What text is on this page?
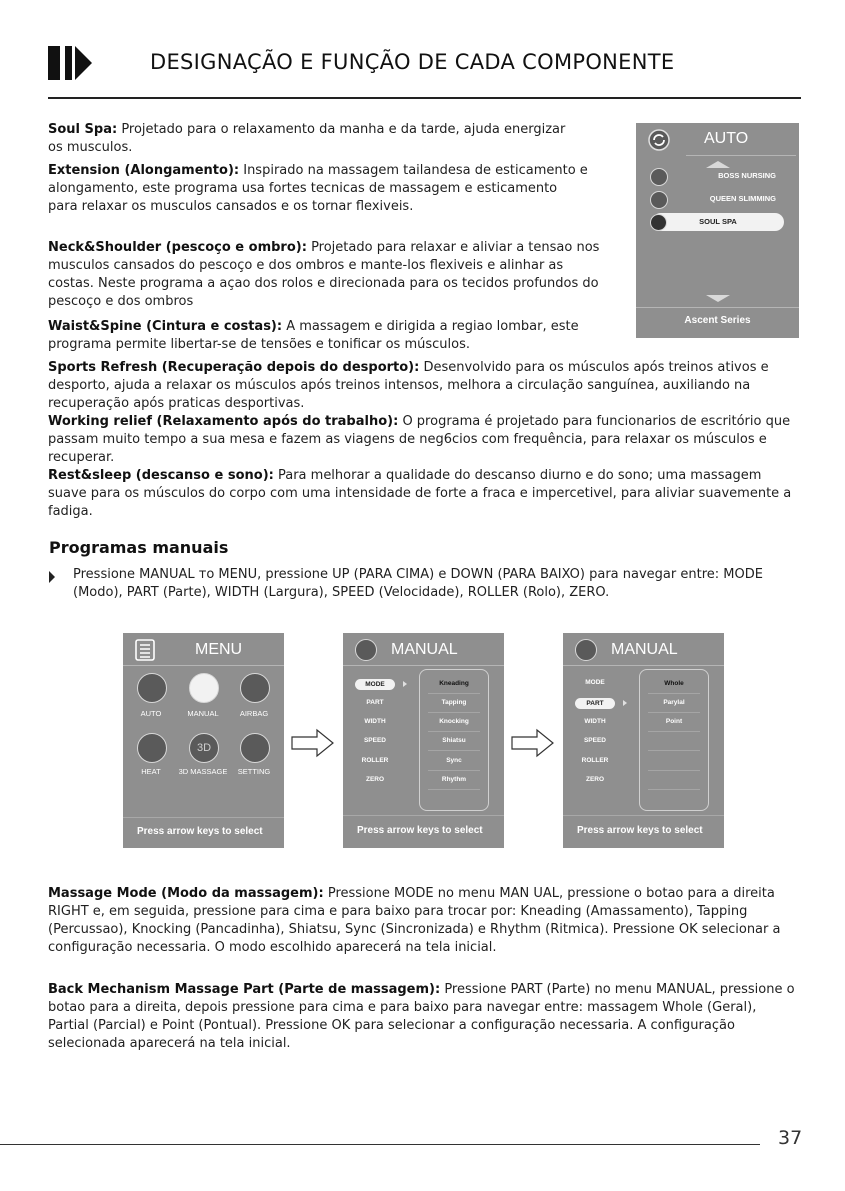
DESIGNAÇÃO E FUNÇÃO DE CADA COMPONENTE
Soul Spa: Projetado para o relaxamento da manha e da tarde, ajuda energizar os musculos.
Extension (Alongamento): Inspirado na massagem tailandesa de esticamento e alongamento, este programa usa fortes tecnicas de massagem e esticamento para relaxar os musculos cansados e os tornar flexiveis.
Neck&Shoulder (pescoço e ombro): Projetado para relaxar e aliviar a tensao nos musculos cansados do pescoço e dos ombros e mante-los flexiveis e alinhar as costas. Neste programa a açao dos rolos e direcionada para os tecidos profundos do pescoço e dos ombros
Waist&Spine (Cintura e costas): A massagem e dirigida a regiao lombar, este programa permite libertar-se de tensões e tonificar os músculos.
Sports Refresh (Recuperação depois do desporto): Desenvolvido para os músculos após treinos ativos e desporto, ajuda a relaxar os músculos após treinos intensos, melhora a circulação sanguínea, auxiliando na recuperação após praticas desportivas.
Working relief (Relaxamento após do trabalho): O programa é projetado para funcionarios de escritório que passam muito tempo a sua mesa e fazem as viagens de neg6cios com frequência, para relaxar os músculos e recuperar.
Rest&sleep (descanso e sono): Para melhorar a qualidade do descanso diurno e do sono; uma massagem suave para os músculos do corpo com uma intensidade de forte a fraca e impercetivel, para aliviar suavemente a fadiga.
AUTO
BOSS NURSING
QUEEN SLIMMING
SOUL SPA
Ascent Series
Programas manuais
Pressione MANUAL то MENU, pressione UP (PARA CIMA) e DOWN (PARA BAIXO) para navegar entre: MODE (Modo), PART (Parte), WIDTH (Largura), SPEED (Velocidade), ROLLER (Rolo), ZERO.
MENU
AUTO	MANUAL	AIRBAG
HEAT
3D
3D MASSAGE	SETTING
Press arrow keys to select
MANUAL
MODE
PART
WIDTH
SPEED
ROLLER
ZERO
Kneading
Tapping
Knocking
Shiatsu
Sync
Rhythm
Press arrow keys to select
MANUAL
MODE
PART
WIDTH
SPEED
ROLLER
ZERO
Whole
Parylal
Point
Press arrow keys to select
Massage Mode (Modo da massagem): Pressione MODE no menu MAN UAL, pressione o botao para a direita RIGHT e, em seguida, pressione para cima e para baixo para trocar por: Kneading (Amassamento), Tapping (Percussao), Knocking (Pancadinha), Shiatsu, Sync (Sincronizada) e Rhythm (Ritmica). Pressione OK selecionar a configuração necessaria. O modo escolhido aparecerá na tela inicial.
Back Mechanism Massage Part (Parte de massagem): Pressione PART (Parte) no menu MANUAL, pressione o botao para a direita, depois pressione para cima e para baixo para navegar entre: massagem Whole (Geral), Partial (Parcial) e Point (Pontual). Pressione OK para selecionar a configuração necessaria. A configuração selecionada aparecerá na tela inicial.
37
